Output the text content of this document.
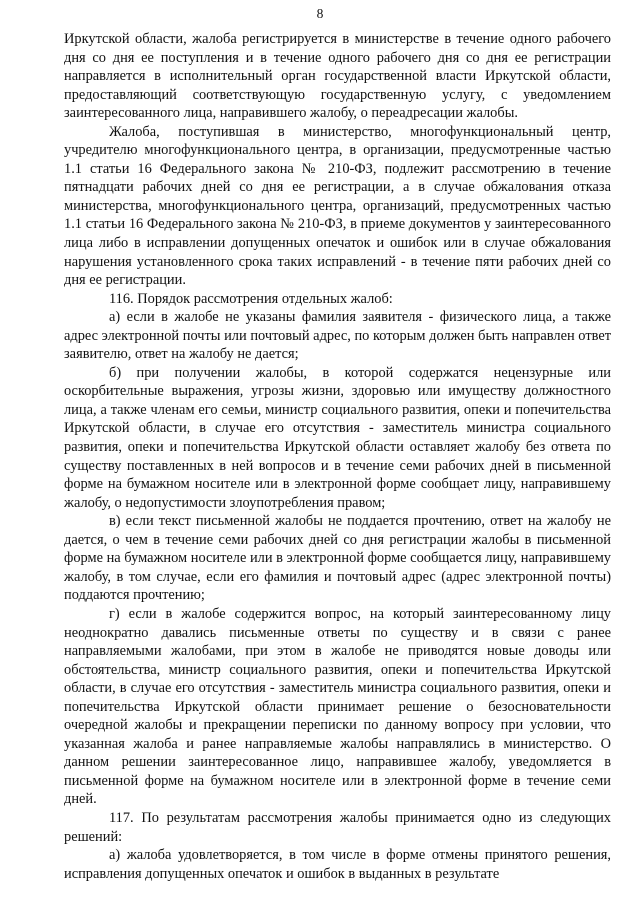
8

Иркутской области, жалоба регистрируется в министерстве в течение одного рабочего дня со дня ее поступления и в течение одного рабочего дня со дня ее регистрации направляется в исполнительный орган государственной власти Иркутской области, предоставляющий соответствующую государственную услугу, с уведомлением заинтересованного лица, направившего жалобу, о переадресации жалобы.

Жалоба, поступившая в министерство, многофункциональный центр, учредителю многофункционального центра, в организации, предусмотренные частью 1.1 статьи 16 Федерального закона № 210-ФЗ, подлежит рассмотрению в течение пятнадцати рабочих дней со дня ее регистрации, а в случае обжалования отказа министерства, многофункционального центра, организаций, предусмотренных частью 1.1 статьи 16 Федерального закона № 210-ФЗ, в приеме документов у заинтересованного лица либо в исправлении допущенных опечаток и ошибок или в случае обжалования нарушения установленного срока таких исправлений - в течение пяти рабочих дней со дня ее регистрации.

116. Порядок рассмотрения отдельных жалоб:

а) если в жалобе не указаны фамилия заявителя - физического лица, а также адрес электронной почты или почтовый адрес, по которым должен быть направлен ответ заявителю, ответ на жалобу не дается;

б) при получении жалобы, в которой содержатся нецензурные или оскорбительные выражения, угрозы жизни, здоровью или имуществу должностного лица, а также членам его семьи, министр социального развития, опеки и попечительства Иркутской области, в случае его отсутствия - заместитель министра социального развития, опеки и попечительства Иркутской области оставляет жалобу без ответа по существу поставленных в ней вопросов и в течение семи рабочих дней в письменной форме на бумажном носителе или в электронной форме сообщает лицу, направившему жалобу, о недопустимости злоупотребления правом;

в) если текст письменной жалобы не поддается прочтению, ответ на жалобу не дается, о чем в течение семи рабочих дней со дня регистрации жалобы в письменной форме на бумажном носителе или в электронной форме сообщается лицу, направившему жалобу, в том случае, если его фамилия и почтовый адрес (адрес электронной почты) поддаются прочтению;

г) если в жалобе содержится вопрос, на который заинтересованному лицу неоднократно давались письменные ответы по существу и в связи с ранее направляемыми жалобами, при этом в жалобе не приводятся новые доводы или обстоятельства, министр социального развития, опеки и попечительства Иркутской области, в случае его отсутствия - заместитель министра социального развития, опеки и попечительства Иркутской области принимает решение о безосновательности очередной жалобы и прекращении переписки по данному вопросу при условии, что указанная жалоба и ранее направляемые жалобы направлялись в министерство. О данном решении заинтересованное лицо, направившее жалобу, уведомляется в письменной форме на бумажном носителе или в электронной форме в течение семи дней.

117. По результатам рассмотрения жалобы принимается одно из следующих решений:

а) жалоба удовлетворяется, в том числе в форме отмены принятого решения, исправления допущенных опечаток и ошибок в выданных в результате
